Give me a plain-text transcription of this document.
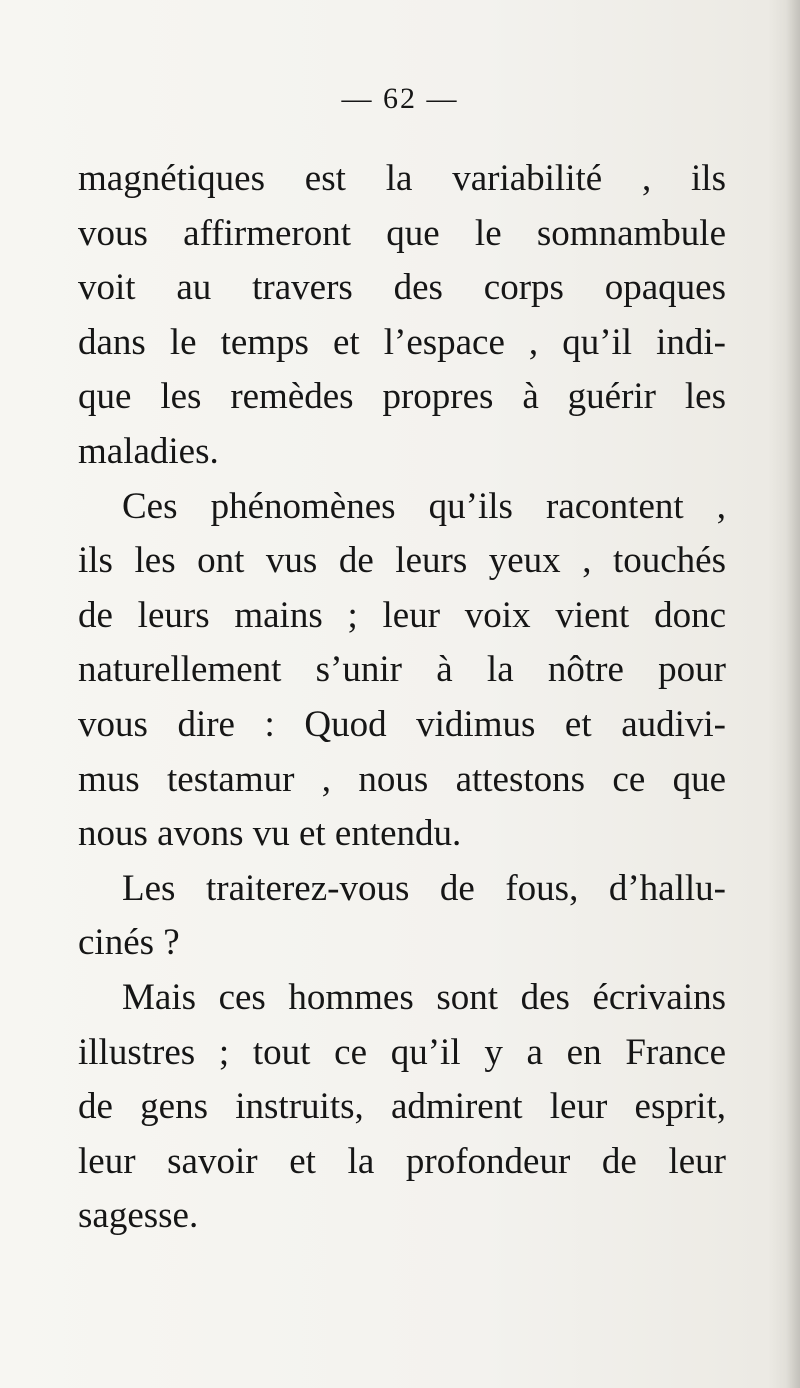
— 62 —
magnétiques est la variabilité , ils
vous affirmeront que le somnambule
voit au travers des corps opaques
dans le temps et l’espace , qu’il indi-
que les remèdes propres à guérir les
maladies.
Ces phénomènes qu’ils racontent ,
ils les ont vus de leurs yeux , touchés
de leurs mains ; leur voix vient donc
naturellement s’unir à la nôtre pour
vous dire : Quod vidimus et audivi-
mus testamur , nous attestons ce que
nous avons vu et entendu.
Les traiterez-vous de fous, d’hallu-
cinés ?
Mais ces hommes sont des écrivains
illustres ; tout ce qu’il y a en France
de gens instruits, admirent leur esprit,
leur savoir et la profondeur de leur
sagesse.
